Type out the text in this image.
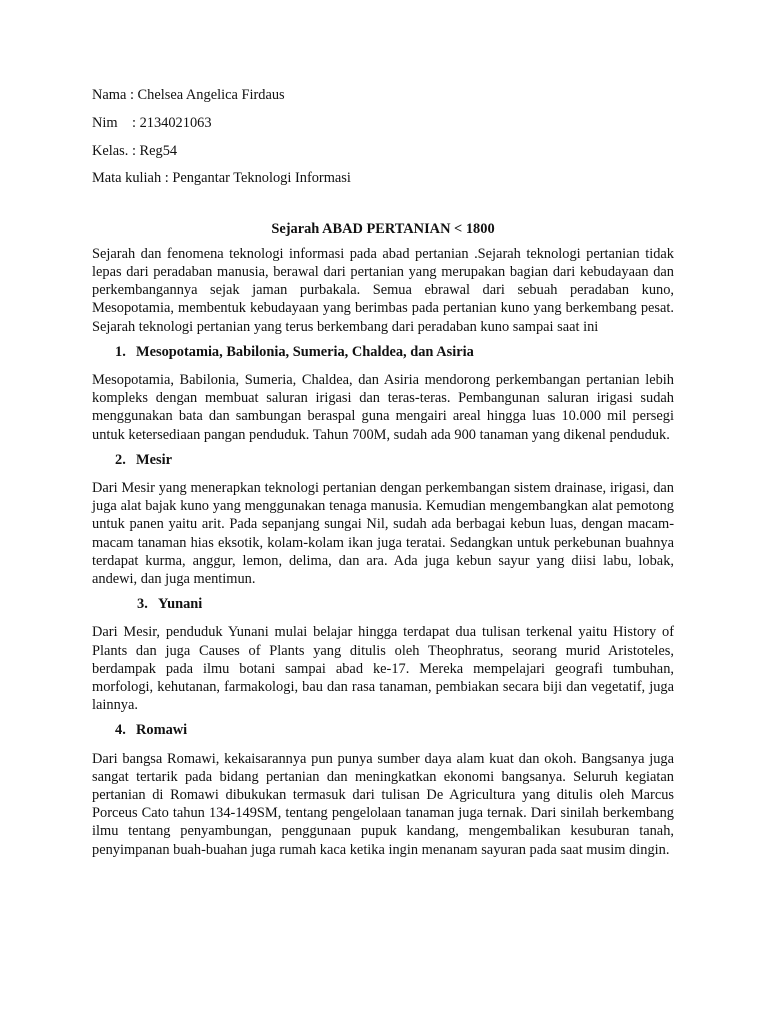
Nama : Chelsea Angelica Firdaus
Nim    : 2134021063
Kelas. : Reg54
Mata kuliah : Pengantar Teknologi Informasi
Sejarah ABAD PERTANIAN < 1800

Sejarah dan fenomena teknologi informasi pada abad pertanian .Sejarah teknologi pertanian tidak lepas dari peradaban manusia, berawal dari pertanian yang merupakan bagian dari kebudayaan dan perkembangannya sejak jaman purbakala. Semua ebrawal dari sebuah peradaban kuno, Mesopotamia, membentuk kebudayaan yang berimbas pada pertanian kuno yang berkembang pesat. Sejarah teknologi pertanian yang terus berkembang dari peradaban kuno sampai saat ini

1. Mesopotamia, Babilonia, Sumeria, Chaldea, dan Asiria

Mesopotamia, Babilonia, Sumeria, Chaldea, dan Asiria mendorong perkembangan pertanian lebih kompleks dengan membuat saluran irigasi dan teras-teras. Pembangunan saluran irigasi sudah menggunakan bata dan sambungan beraspal guna mengairi areal hingga luas 10.000 mil persegi untuk ketersediaan pangan penduduk. Tahun 700M, sudah ada 900 tanaman yang dikenal penduduk.

2. Mesir

Dari Mesir yang menerapkan teknologi pertanian dengan perkembangan sistem drainase, irigasi, dan juga alat bajak kuno yang menggunakan tenaga manusia. Kemudian mengembangkan alat pemotong untuk panen yaitu arit. Pada sepanjang sungai Nil, sudah ada berbagai kebun luas, dengan macam-macam tanaman hias eksotik, kolam-kolam ikan juga teratai. Sedangkan untuk perkebunan buahnya terdapat kurma, anggur, lemon, delima, dan ara. Ada juga kebun sayur yang diisi labu, lobak, andewi, dan juga mentimun.

3. Yunani

Dari Mesir, penduduk Yunani mulai belajar hingga terdapat dua tulisan terkenal yaitu History of Plants dan juga Causes of Plants yang ditulis oleh Theophratus, seorang murid Aristoteles, berdampak pada ilmu botani sampai abad ke-17. Mereka mempelajari geografi tumbuhan, morfologi, kehutanan, farmakologi, bau dan rasa tanaman, pembiakan secara biji dan vegetatif, juga lainnya.

4. Romawi

Dari bangsa Romawi, kekaisarannya pun punya sumber daya alam kuat dan okoh. Bangsanya juga sangat tertarik pada bidang pertanian dan meningkatkan ekonomi bangsanya. Seluruh kegiatan pertanian di Romawi dibukukan termasuk dari tulisan De Agricultura yang ditulis oleh Marcus Porceus Cato tahun 134-149SM, tentang pengelolaan tanaman juga ternak. Dari sinilah berkembang ilmu tentang penyambungan, penggunaan pupuk kandang, mengembalikan kesuburan tanah, penyimpanan buah-buahan juga rumah kaca ketika ingin menanam sayuran pada saat musim dingin.
